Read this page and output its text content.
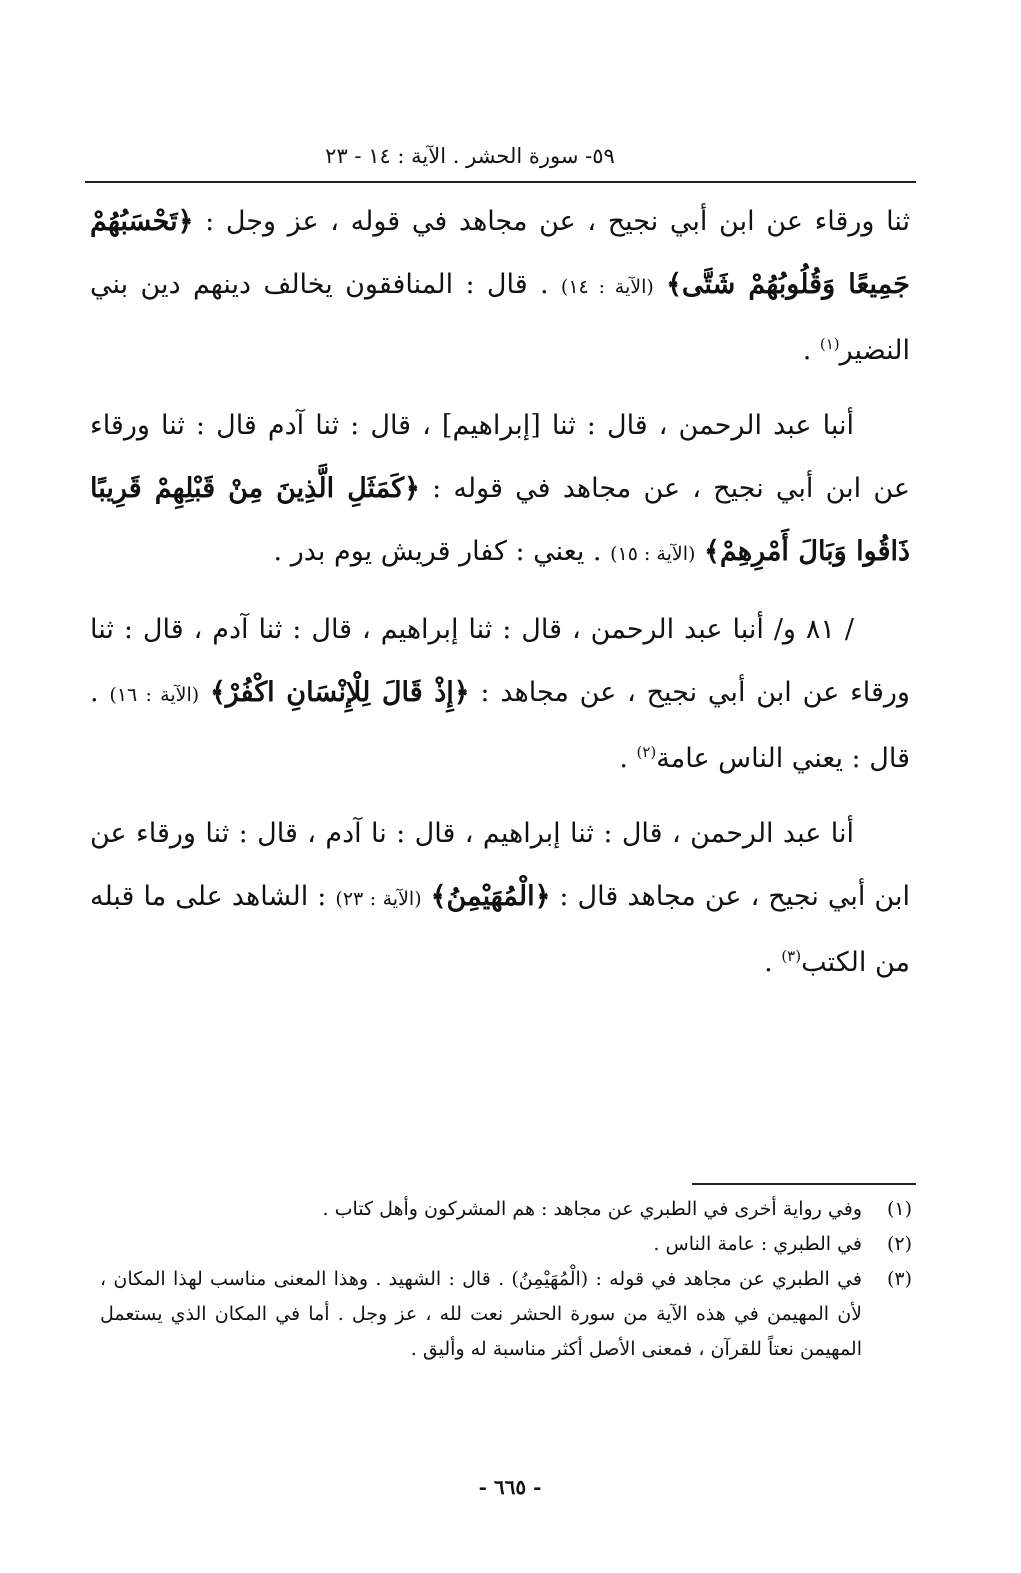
٥٩- سورة الحشر . الآية : ١٤ - ٢٣

ثنا ورقاء عن ابن أبي نجيح ، عن مجاهد في قوله ، عز وجل : ﴿تَحْسَبُهُمْ جَمِيعًا وَقُلُوبُهُمْ شَتَّى﴾ (الآية : ١٤) . قال : المنافقون يخالف دينهم دين بني النضير$^{(١)}$ .

أنبا عبد الرحمن ، قال : ثنا [إبراهيم] ، قال : ثنا آدم قال : ثنا ورقاء عن ابن أبي نجيح ، عن مجاهد في قوله : ﴿كَمَثَلِ الَّذِينَ مِنْ قَبْلِهِمْ قَرِيبًا ذَاقُوا وَبَالَ أَمْرِهِمْ﴾ (الآية : ١٥) . يعني : كفار قريش يوم بدر .

/ ٨١ و/ أنبا عبد الرحمن ، قال : ثنا إبراهيم ، قال : ثنا آدم ، قال : ثنا ورقاء عن ابن أبي نجيح ، عن مجاهد : ﴿إِذْ قَالَ لِلْإِنْسَانِ اكْفُرْ﴾ (الآية : ١٦) . قال : يعني الناس عامة$^{(٢)}$ .

أنا عبد الرحمن ، قال : ثنا إبراهيم ، قال : نا آدم ، قال : ثنا ورقاء عن ابن أبي نجيح ، عن مجاهد قال : ﴿الْمُهَيْمِنُ﴾ (الآية : ٢٣) : الشاهد على ما قبله من الكتب$^{(٣)}$ .

(١)
وفي رواية أخرى في الطبري عن مجاهد : هم المشركون وأهل كتاب .
(٢)
في الطبري : عامة الناس .
(٣)
في الطبري عن مجاهد في قوله : (الْمُهَيْمِنُ) . قال : الشهيد . وهذا المعنى مناسب لهذا المكان ، لأن المهيمن في هذه الآية من سورة الحشر نعت لله ، عز وجل . أما في المكان الذي يستعمل المهيمن نعتاً للقرآن ، فمعنى الأصل أكثر مناسبة له وأليق .
- ٦٦٥ -
